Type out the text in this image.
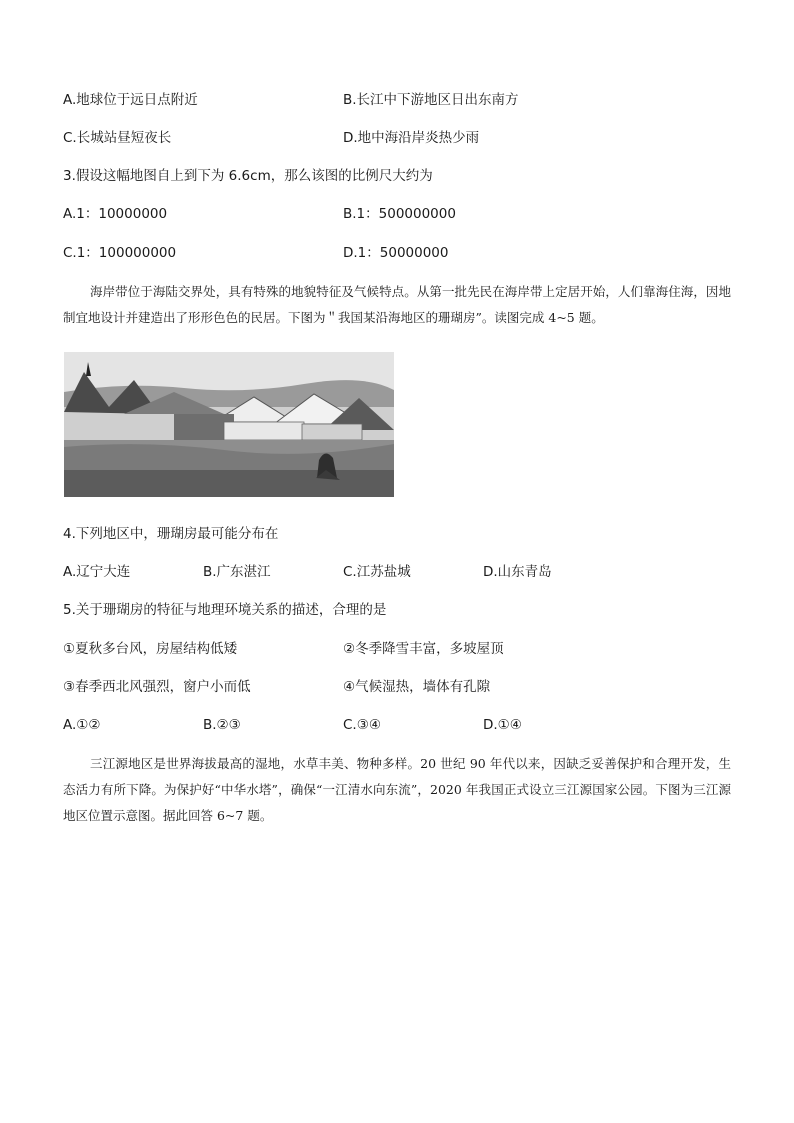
A.地球位于远日点附近	B.长江中下游地区日出东南方
C.长城站昼短夜长	D.地中海沿岸炎热少雨
3.假设这幅地图自上到下为 6.6cm，那么该图的比例尺大约为
A.1：10000000	B.1：500000000
C.1：100000000	D.1：50000000

海岸带位于海陆交界处，具有特殊的地貌特征及气候特点。从第一批先民在海岸带上定居开始，人们靠海住海，因地制宜地设计并建造出了形形色色的民居。下图为＂我国某沿海地区的珊瑚房”。读图完成 4~5 题。

4.下列地区中，珊瑚房最可能分布在
A.辽宁大连	B.广东湛江	C.江苏盐城	D.山东青岛
5.关于珊瑚房的特征与地理环境关系的描述，合理的是
①夏秋多台风，房屋结构低矮	②冬季降雪丰富，多坡屋顶
③春季西北风强烈，窗户小而低	④气候湿热，墙体有孔隙
A.①②	B.②③	C.③④	D.①④

三江源地区是世界海拔最高的湿地，水草丰美、物种多样。20 世纪 90 年代以来，因缺乏妥善保护和合理开发，生态活力有所下降。为保护好“中华水塔”，确保“一江清水向东流”，2020 年我国正式设立三江源国家公园。下图为三江源地区位置示意图。据此回答 6~7 题。
